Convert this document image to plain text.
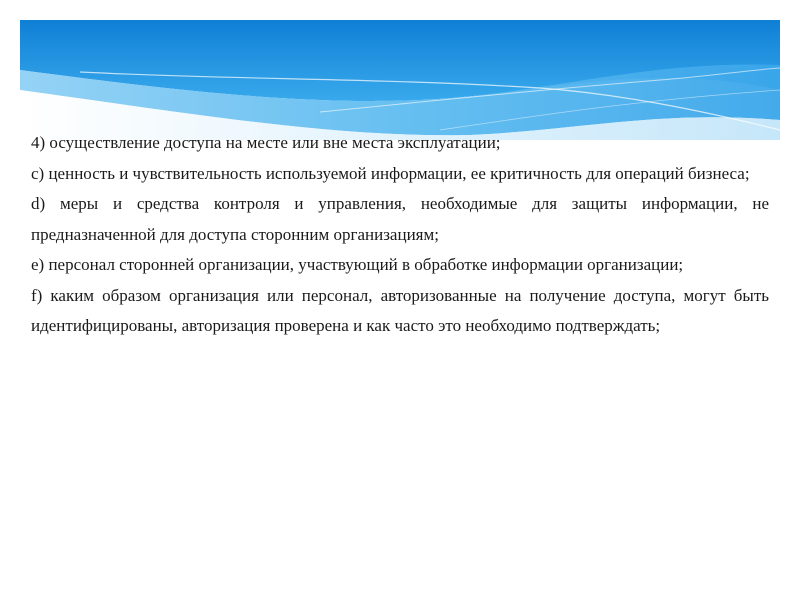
4) осуществление доступа на месте или вне места эксплуатации;

c) ценность и чувствительность используемой информации, ее критичность для операций бизнеса;

d) меры и средства контроля и управления, необходимые для защиты информации, не предназначенной для доступа сторонним организациям;

e) персонал сторонней организации, участвующий в обработке информации организации;

f) каким образом организация или персонал, авторизованные на получение доступа, могут быть идентифицированы, авторизация проверена и как часто это необходимо подтверждать;
